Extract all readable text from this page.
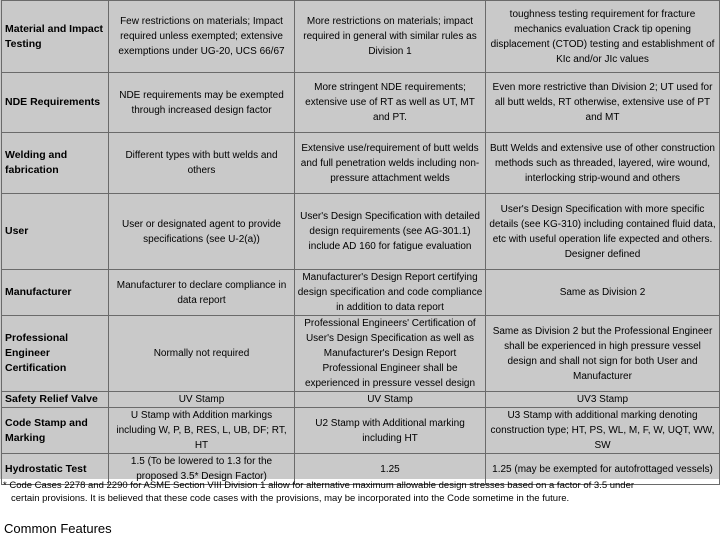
Material and Impact Testing	Few restrictions on materials; Impact required unless exempted; extensive exemptions under UG-20, UCS 66/67	More restrictions on materials; impact required in general with similar rules as Division 1	toughness testing requirement for fracture mechanics evaluation Crack tip opening displacement (CTOD) testing and establishment of KIc and/or JIc values
NDE Requirements	NDE requirements may be exempted through increased design factor	More stringent NDE requirements; extensive use of RT as well as UT, MT and PT.	Even more restrictive than Division 2; UT used for all butt welds, RT otherwise, extensive use of PT and MT
Welding and fabrication	Different types with butt welds and others	Extensive use/requirement of butt welds and full penetration welds including non-pressure attachment welds	Butt Welds and extensive use of other construction methods such as threaded, layered, wire wound, interlocking strip-wound and others
User	User or designated agent to provide specifications (see U-2(a))	User's Design Specification with detailed design requirements (see AG-301.1) include AD 160 for fatigue evaluation	User's Design Specification with more specific details (see KG-310) including contained fluid data, etc with useful operation life expected and others. Designer defined
Manufacturer	Manufacturer to declare compliance in data report	Manufacturer's Design Report certifying design specification and code compliance in addition to data report	Same as Division 2
Professional Engineer Certification	Normally not required	Professional Engineers' Certification of User's Design Specification as well as Manufacturer's Design Report Professional Engineer shall be experienced in pressure vessel design	Same as Division 2 but the Professional Engineer shall be experienced in high pressure vessel design and shall not sign for both User and Manufacturer
Safety Relief Valve	UV Stamp	UV Stamp	UV3 Stamp
Code Stamp and Marking	U Stamp with Addition markings including W, P, B, RES, L, UB, DF; RT, HT	U2 Stamp with Additional marking including HT	U3 Stamp with additional marking denoting construction type; HT, PS, WL, M, F, W, UQT, WW, SW
Hydrostatic Test	1.5 (To be lowered to 1.3 for the proposed 3.5* Design Factor)	1.25	1.25 (may be exempted for autofrottaged vessels)
* Code Cases 2278 and 2290 for ASME Section VIII Division 1 allow for alternative maximum allowable design stresses based on a factor of 3.5 under
certain provisions. It is believed that these code cases with the provisions, may be incorporated into the Code sometime in the future.
Common Features
